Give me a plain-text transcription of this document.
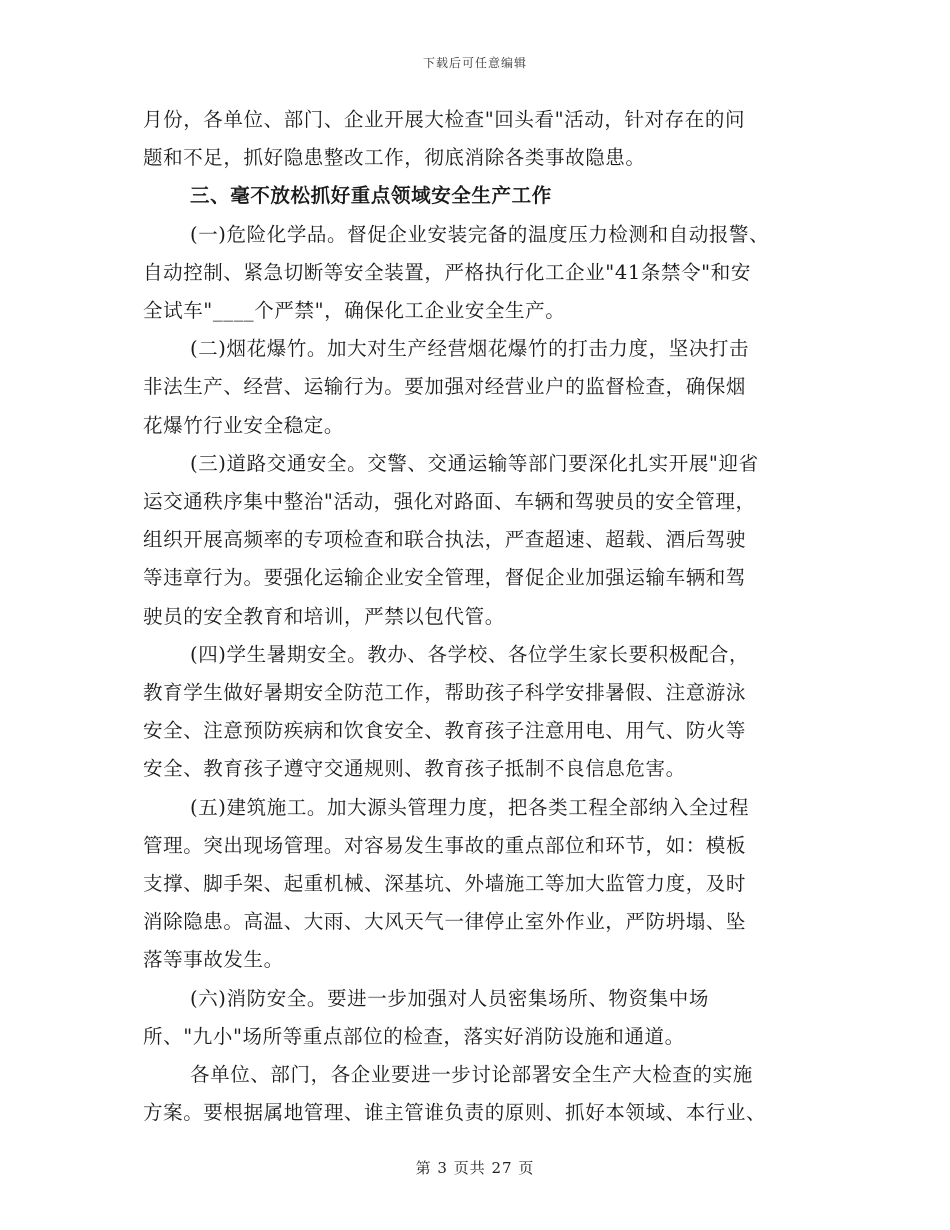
下载后可任意编辑

月份，各单位、部门、企业开展大检查"回头看"活动，针对存在的问
题和不足，抓好隐患整改工作，彻底消除各类事故隐患。

三、毫不放松抓好重点领域安全生产工作

(一)危险化学品。督促企业安装完备的温度压力检测和自动报警、
自动控制、紧急切断等安全装置，严格执行化工企业"41条禁令"和安
全试车"____个严禁"，确保化工企业安全生产。

(二)烟花爆竹。加大对生产经营烟花爆竹的打击力度，坚决打击
非法生产、经营、运输行为。要加强对经营业户的监督检查，确保烟
花爆竹行业安全稳定。

(三)道路交通安全。交警、交通运输等部门要深化扎实开展"迎省
运交通秩序集中整治"活动，强化对路面、车辆和驾驶员的安全管理，
组织开展高频率的专项检查和联合执法，严查超速、超载、酒后驾驶
等违章行为。要强化运输企业安全管理，督促企业加强运输车辆和驾
驶员的安全教育和培训，严禁以包代管。

(四)学生暑期安全。教办、各学校、各位学生家长要积极配合，
教育学生做好暑期安全防范工作，帮助孩子科学安排暑假、注意游泳
安全、注意预防疾病和饮食安全、教育孩子注意用电、用气、防火等
安全、教育孩子遵守交通规则、教育孩子抵制不良信息危害。

(五)建筑施工。加大源头管理力度，把各类工程全部纳入全过程
管理。突出现场管理。对容易发生事故的重点部位和环节，如：模板
支撑、脚手架、起重机械、深基坑、外墙施工等加大监管力度，及时
消除隐患。高温、大雨、大风天气一律停止室外作业，严防坍塌、坠
落等事故发生。

(六)消防安全。要进一步加强对人员密集场所、物资集中场
所、"九小"场所等重点部位的检查，落实好消防设施和通道。

各单位、部门，各企业要进一步讨论部署安全生产大检查的实施
方案。要根据属地管理、谁主管谁负责的原则、抓好本领域、本行业、

第 3 页共 27 页
